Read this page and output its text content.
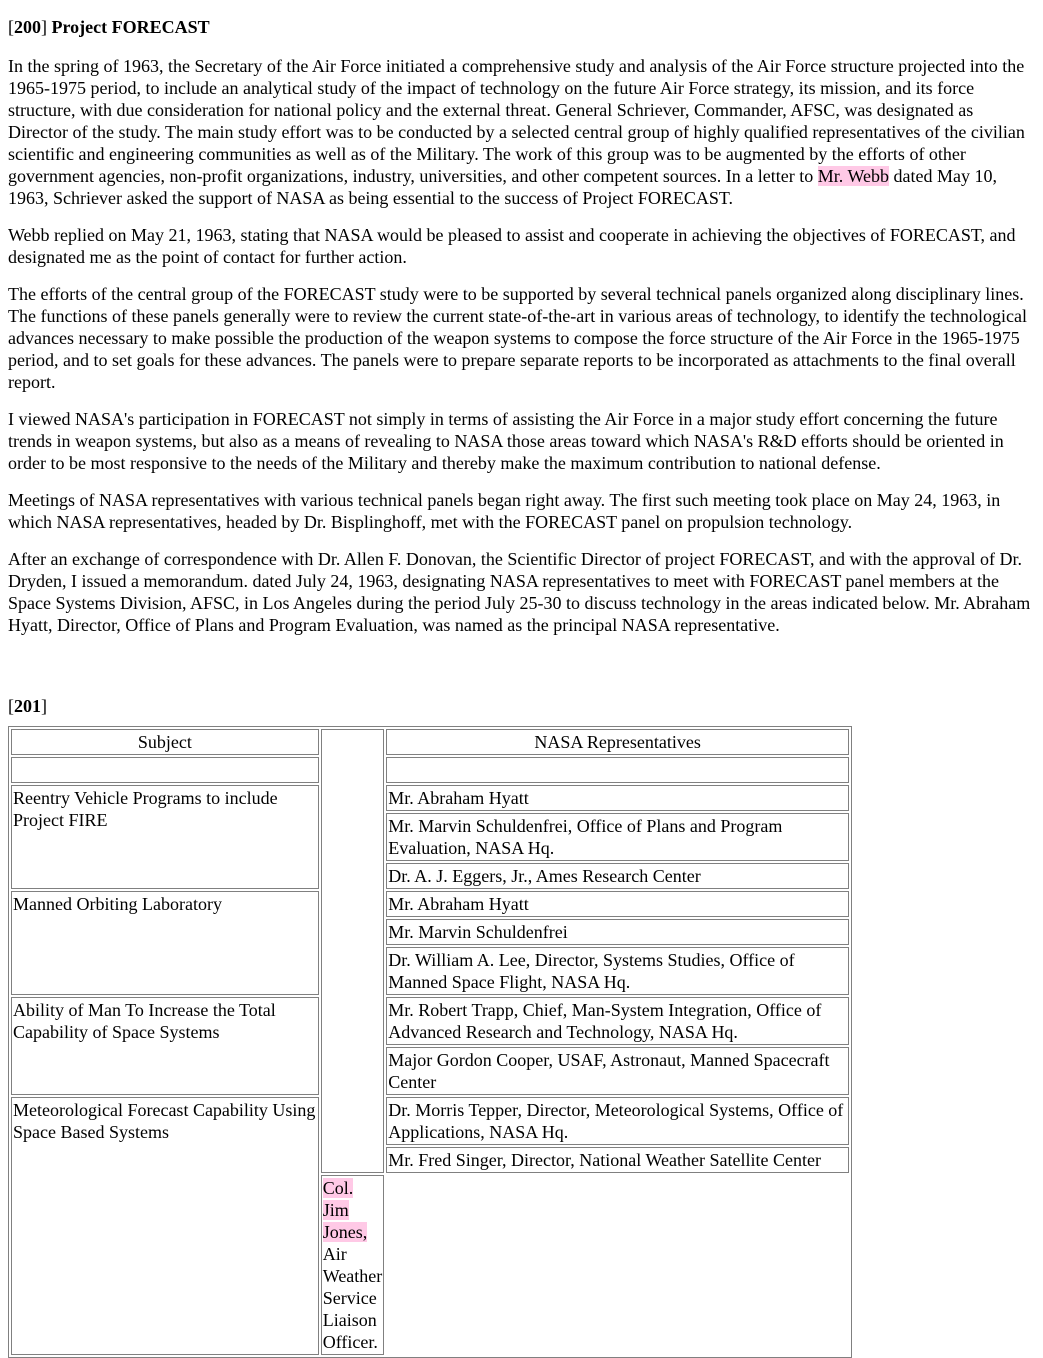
[200] Project FORECAST

In the spring of 1963, the Secretary of the Air Force initiated a comprehensive study and analysis of the Air Force structure projected into the 1965-1975 period, to include an analytical study of the impact of technology on the future Air Force strategy, its mission, and its force structure, with due consideration for national policy and the external threat. General Schriever, Commander, AFSC, was designated as Director of the study. The main study effort was to be conducted by a selected central group of highly qualified representatives of the civilian scientific and engineering communities as well as of the Military. The work of this group was to be augmented by the efforts of other government agencies, non-profit organizations, industry, universities, and other competent sources. In a letter to Mr. Webb dated May 10, 1963, Schriever asked the support of NASA as being essential to the success of Project FORECAST.

Webb replied on May 21, 1963, stating that NASA would be pleased to assist and cooperate in achieving the objectives of FORECAST, and designated me as the point of contact for further action.

The efforts of the central group of the FORECAST study were to be supported by several technical panels organized along disciplinary lines. The functions of these panels generally were to review the current state-of-the-art in various areas of technology, to identify the technological advances necessary to make possible the production of the weapon systems to compose the force structure of the Air Force in the 1965-1975 period, and to set goals for these advances. The panels were to prepare separate reports to be incorporated as attachments to the final overall report.

I viewed NASA's participation in FORECAST not simply in terms of assisting the Air Force in a major study effort concerning the future trends in weapon systems, but also as a means of revealing to NASA those areas toward which NASA's R&D efforts should be oriented in order to be most responsive to the needs of the Military and thereby make the maximum contribution to national defense.

Meetings of NASA representatives with various technical panels began right away. The first such meeting took place on May 24, 1963, in which NASA representatives, headed by Dr. Bisplinghoff, met with the FORECAST panel on propulsion technology.

After an exchange of correspondence with Dr. Allen F. Donovan, the Scientific Director of project FORECAST, and with the approval of Dr. Dryden, I issued a memorandum. dated July 24, 1963, designating NASA representatives to meet with FORECAST panel members at the Space Systems Division, AFSC, in Los Angeles during the period July 25-30 to discuss technology in the areas indicated below. Mr. Abraham Hyatt, Director, Office of Plans and Program Evaluation, was named as the principal NASA representative.

[201]
Subject		NASA Representatives

Reentry Vehicle Programs to include Project FIRE		Mr. Abraham Hyatt
		Mr. Marvin Schuldenfrei, Office of Plans and Program Evaluation, NASA Hq.
		Dr. A. J. Eggers, Jr., Ames Research Center
Manned Orbiting Laboratory		Mr. Abraham Hyatt
		Mr. Marvin Schuldenfrei
		Dr. William A. Lee, Director, Systems Studies, Office of Manned Space Flight, NASA Hq.
Ability of Man To Increase the Total Capability of Space Systems		Mr. Robert Trapp, Chief, Man-System Integration, Office of Advanced Research and Technology, NASA Hq.
		Major Gordon Cooper, USAF, Astronaut, Manned Spacecraft Center
Meteorological Forecast Capability Using Space Based Systems		Dr. Morris Tepper, Director, Meteorological Systems, Office of Applications, NASA Hq.
		Mr. Fred Singer, Director, National Weather Satellite Center
	Col. Jim Jones, Air Weather Service Liaison Officer.	
